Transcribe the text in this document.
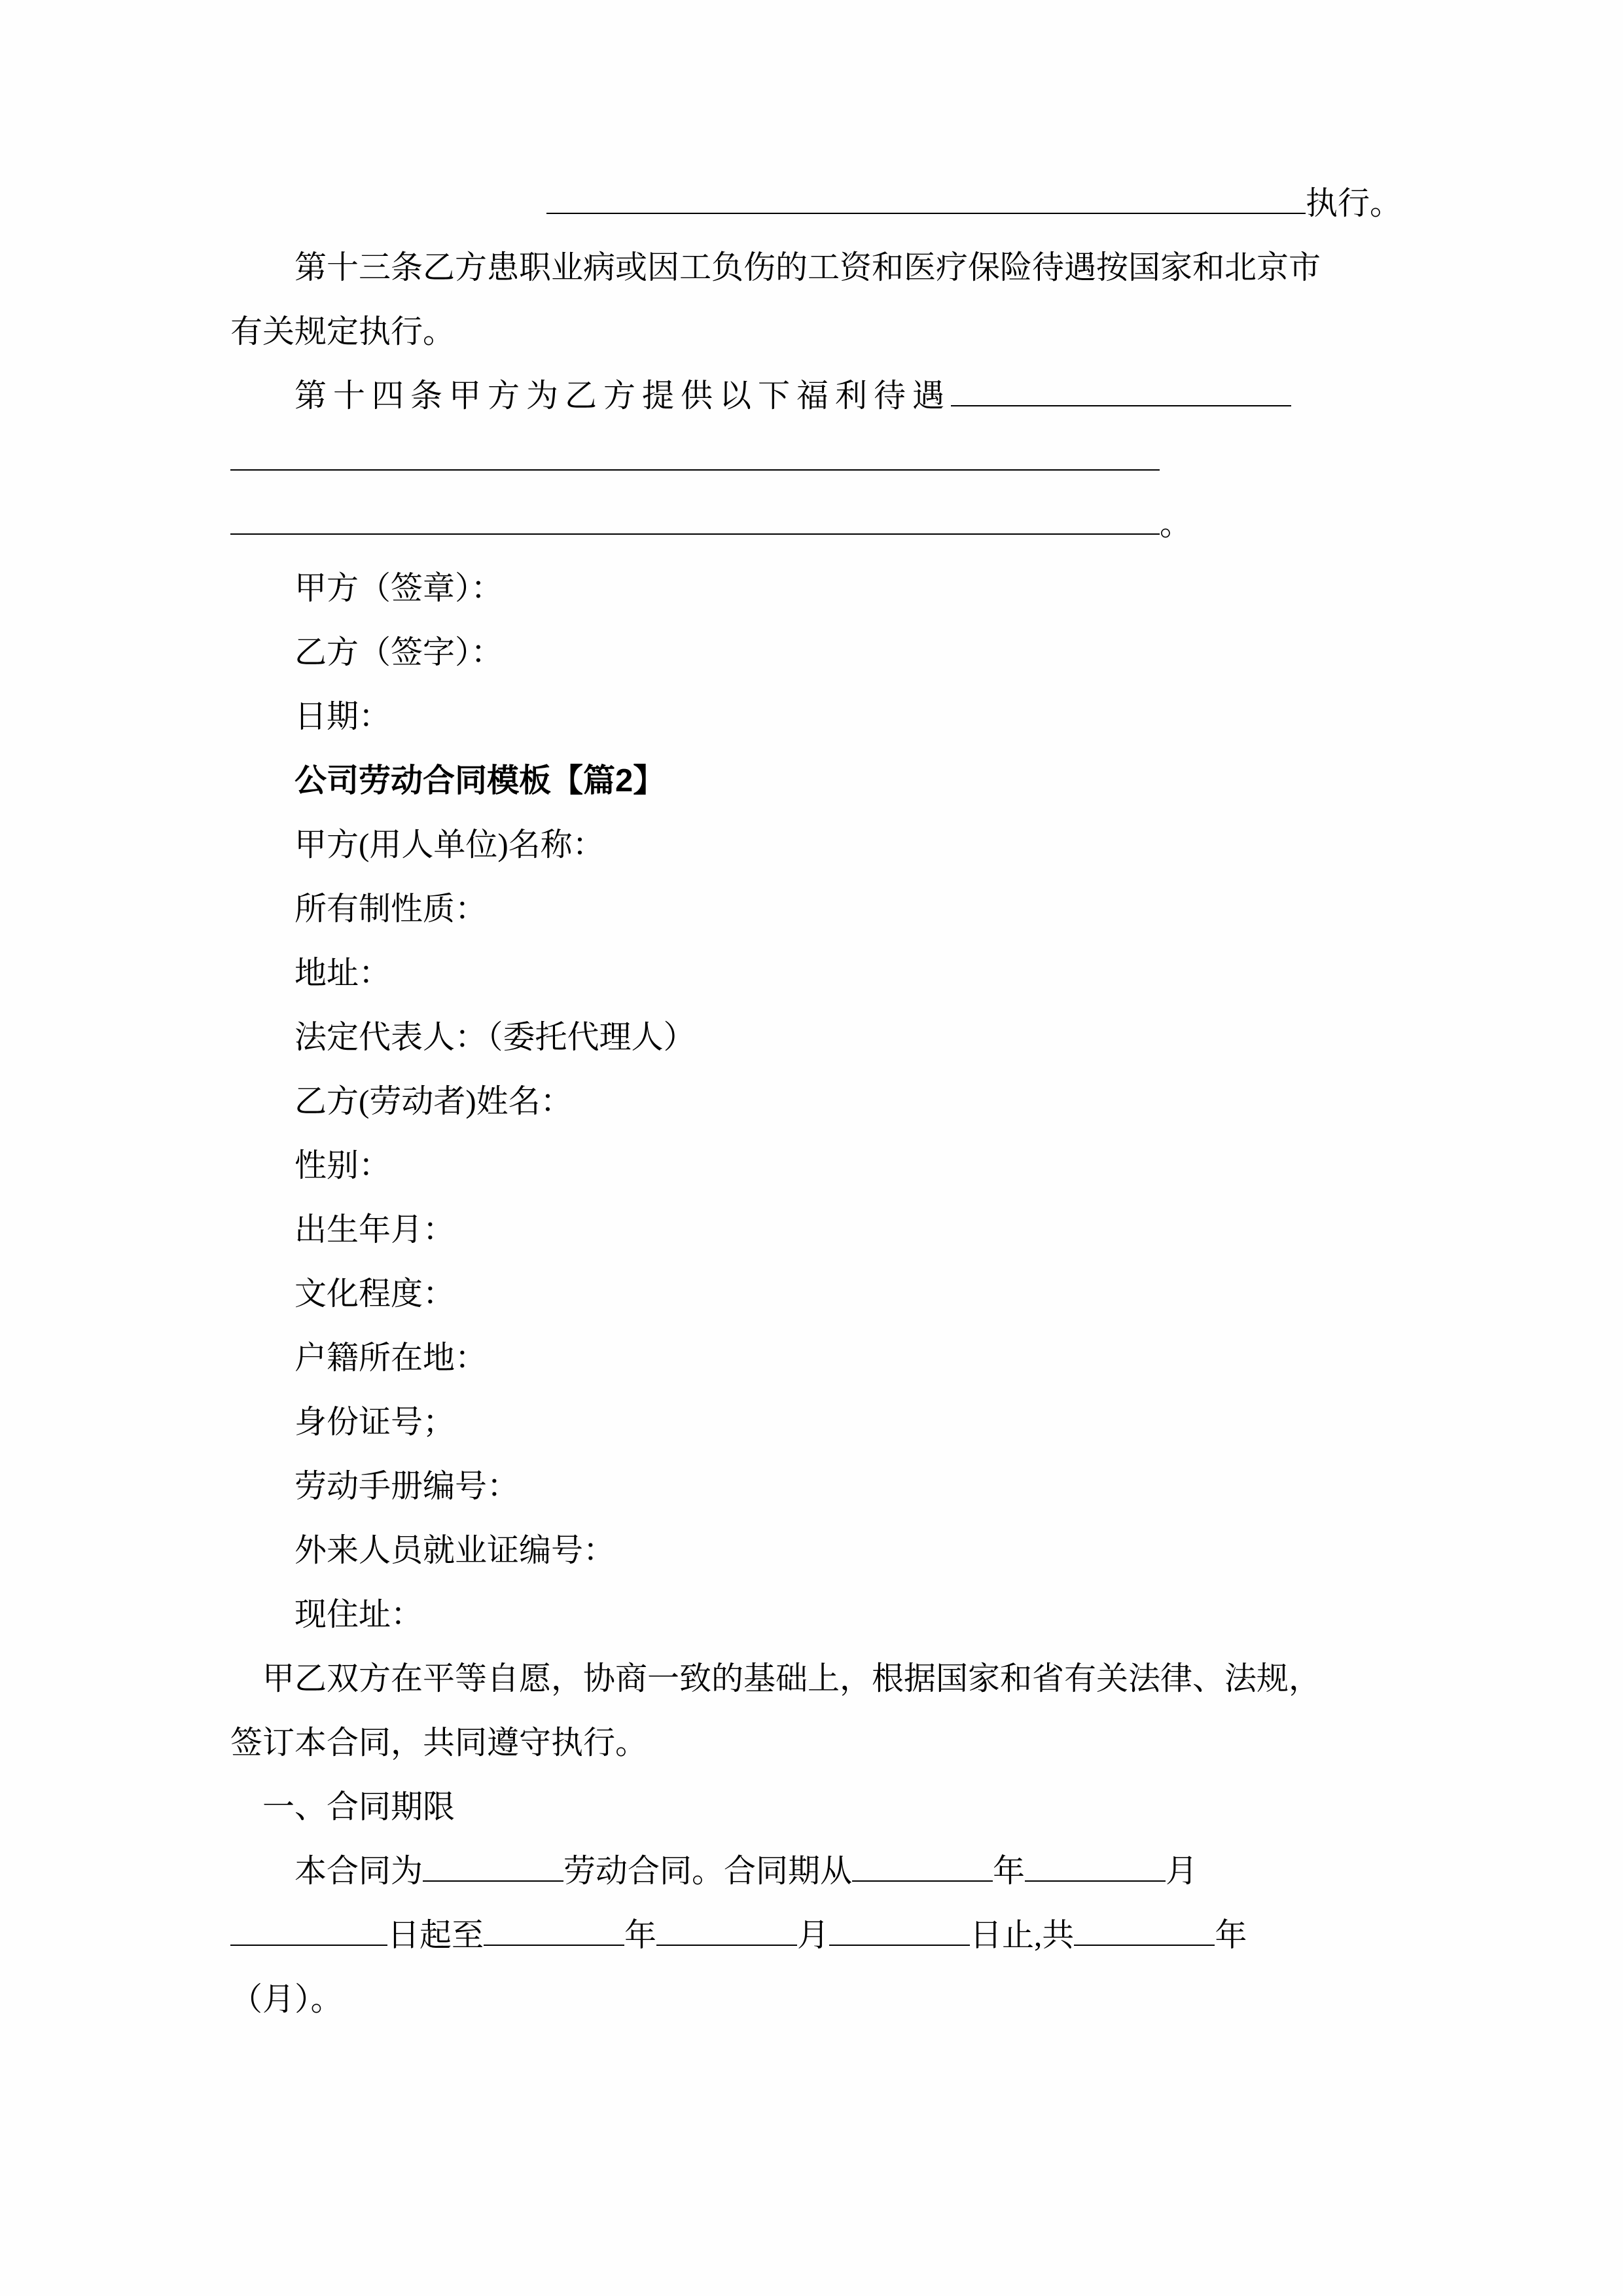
执行。
第十三条乙方患职业病或因工负伤的工资和医疗保险待遇按国家和北京市
有关规定执行。
第十四条甲方为乙方提供以下福利待遇
。
甲方（签章）：
乙方（签字）：
日期：
公司劳动合同模板【篇2】
甲方(用人单位)名称：
所有制性质：
地址：
法定代表人：（委托代理人）
乙方(劳动者)姓名：
性别：
出生年月：
文化程度：
户籍所在地：
身份证号；
劳动手册编号：
外来人员就业证编号：
现住址：
甲乙双方在平等自愿，协商一致的基础上，根据国家和省有关法律、法规，
签订本合同，共同遵守执行。
一、合同期限
本合同为	劳动合同。合同期从	年	月
日起至	年	月	日止,共	年
（月）。
